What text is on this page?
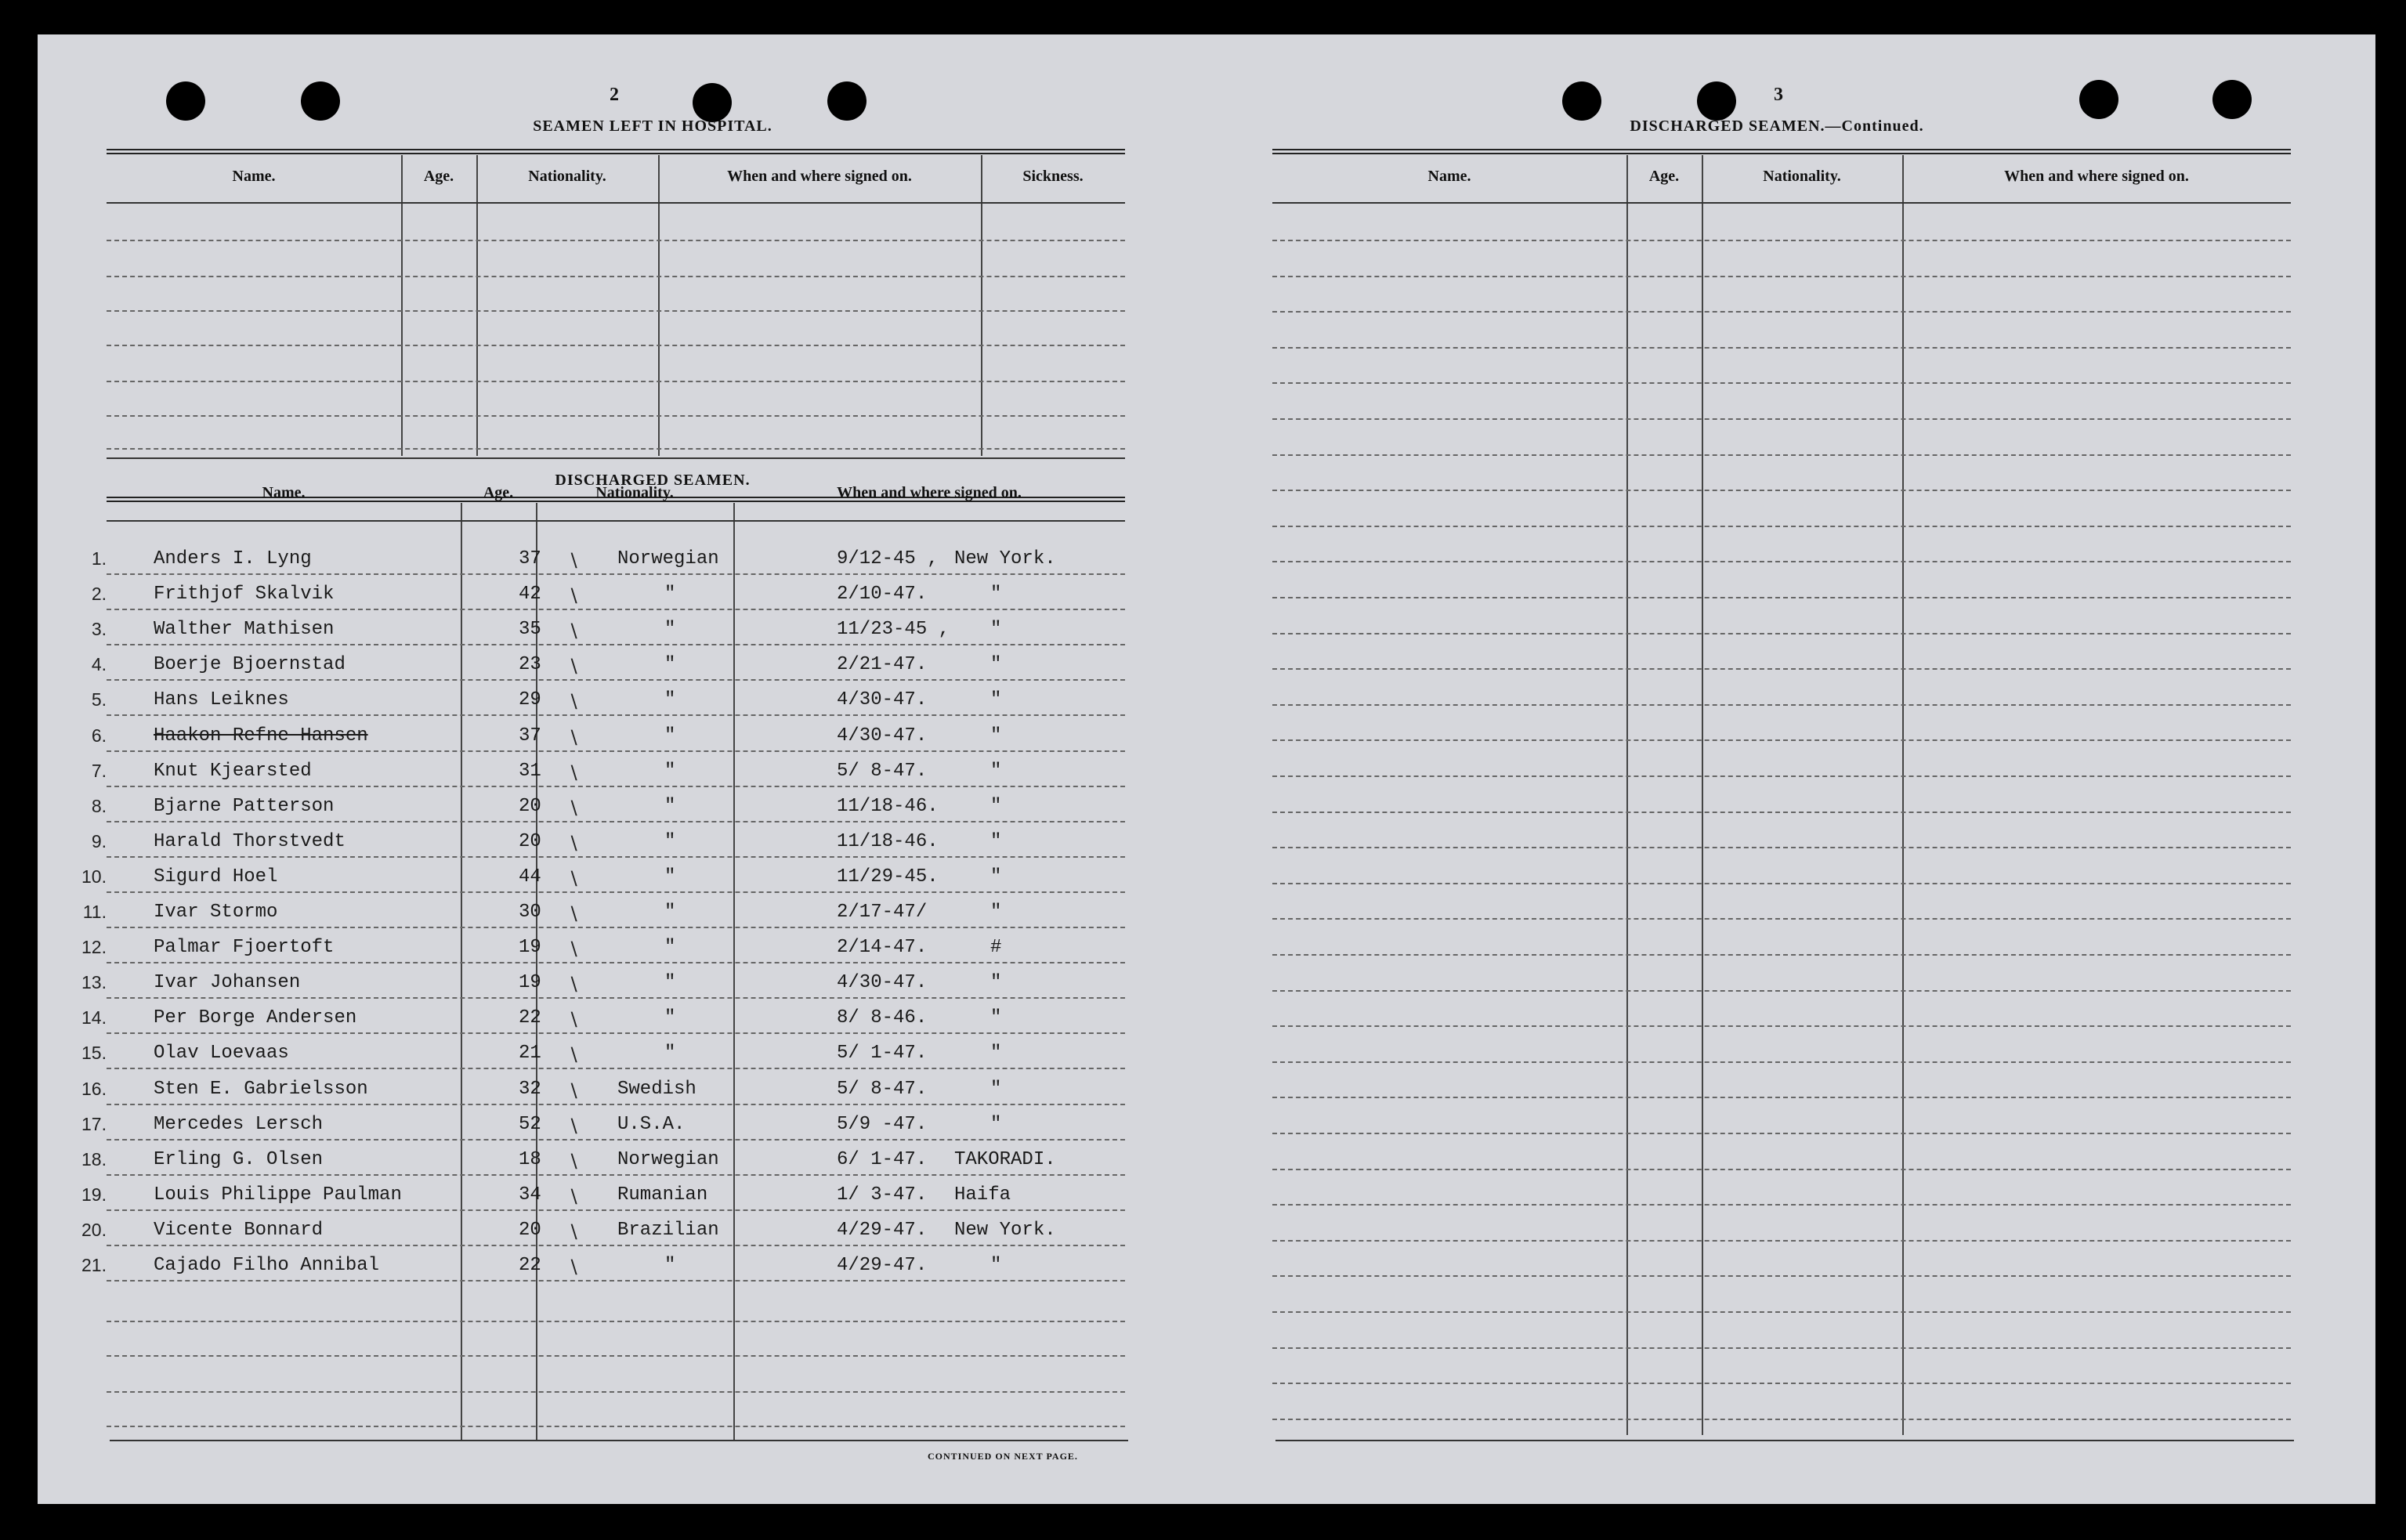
2
SEAMEN LEFT IN HOSPITAL.
Name.	Age.	Nationality.	When and where signed on.	Sickness.
DISCHARGED SEAMEN.
Name.	Age.	Nationality.	When and where signed on.
1.	Anders I. Lyng	37	Norwegian	9/12-45 , New York.
∖
2.	Frithjof Skalvik	42	"	2/10-47.	"
∖
3.	Walther Mathisen	35	"	11/23-45 , "
∖
4.	Boerje Bjoernstad	23	"	2/21-47.	"
∖
5.	Hans Leiknes	29	"	4/30-47.	"
∖
6.	Haakon Refne Hansen	37	"	4/30-47.	"
∖
7.	Knut Kjearsted	31	"	5/ 8-47.	"
∖
8.	Bjarne Patterson	20	"	11/18-46.	"
∖
9.	Harald Thorstvedt	20	"	11/18-46.	"
∖
10.	Sigurd Hoel	44	"	11/29-45.	"
∖
11.	Ivar Stormo	30	"	2/17-47/	"
∖
12.	Palmar Fjoertoft	19	"	2/14-47.	#
∖
13.	Ivar Johansen	19	"	4/30-47.	"
∖
14.	Per Borge Andersen	22	"	8/ 8-46.	"
∖
15.	Olav Loevaas	21	"	5/ 1-47.	"
∖
16.	Sten E. Gabrielsson	32	Swedish	5/ 8-47.	"
∖
17.	Mercedes Lersch	52	U.S.A.	5/9 -47.	"
∖
18.	Erling G. Olsen	18	Norwegian	6/ 1-47. TAKORADI.
∖
19.	Louis Philippe Paulman	34	Rumanian	1/ 3-47. Haifa
∖
20.	Vicente Bonnard	20	Brazilian	4/29-47. New York.
∖
21.	Cajado Filho Annibal	22	"	4/29-47.	"
∖
CONTINUED ON NEXT PAGE.
3
DISCHARGED SEAMEN.—Continued.
Name.	Age.	Nationality.	When and where signed on.
